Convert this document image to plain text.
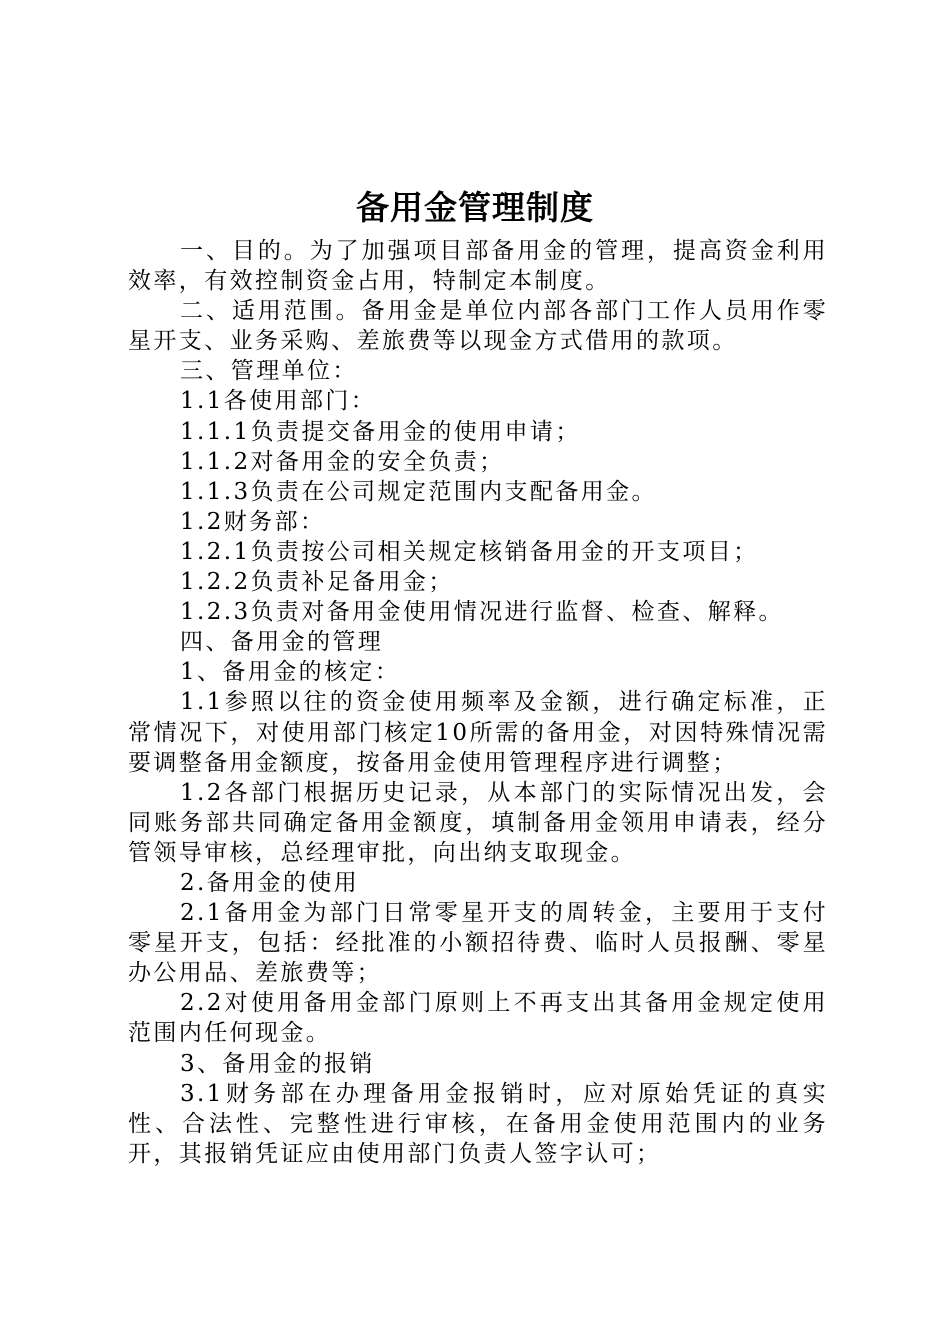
备用金管理制度

一、目的。为了加强项目部备用金的管理，提高资金利用效率，有效控制资金占用，特制定本制度。

二、适用范围。备用金是单位内部各部门工作人员用作零星开支、业务采购、差旅费等以现金方式借用的款项。

三、管理单位：

1.1各使用部门：

1.1.1负责提交备用金的使用申请；

1.1.2对备用金的安全负责；

1.1.3负责在公司规定范围内支配备用金。

1.2财务部：

1.2.1负责按公司相关规定核销备用金的开支项目；

1.2.2负责补足备用金；

1.2.3负责对备用金使用情况进行监督、检查、解释。

四、备用金的管理

1、备用金的核定：

1.1参照以往的资金使用频率及金额，进行确定标准，正常情况下，对使用部门核定10所需的备用金，对因特殊情况需要调整备用金额度，按备用金使用管理程序进行调整；

1.2各部门根据历史记录，从本部门的实际情况出发，会同账务部共同确定备用金额度，填制备用金领用申请表，经分管领导审核，总经理审批，向出纳支取现金。

2.备用金的使用

2.1备用金为部门日常零星开支的周转金，主要用于支付零星开支，包括：经批准的小额招待费、临时人员报酬、零星办公用品、差旅费等；

2.2对使用备用金部门原则上不再支出其备用金规定使用范围内任何现金。

3、备用金的报销

3.1财务部在办理备用金报销时，应对原始凭证的真实性、合法性、完整性进行审核，在备用金使用范围内的业务开，其报销凭证应由使用部门负责人签字认可；
